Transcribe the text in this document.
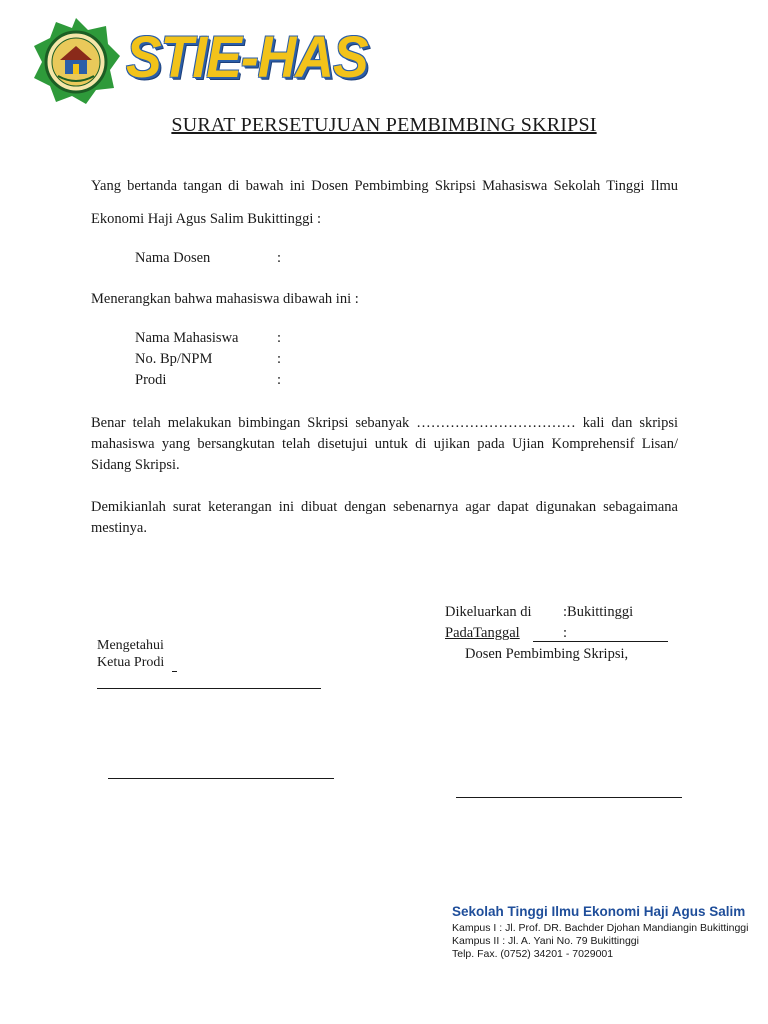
STIE-HAS
SURAT PERSETUJUAN PEMBIMBING SKRIPSI
Yang bertanda tangan di bawah ini Dosen Pembimbing Skripsi Mahasiswa Sekolah Tinggi Ilmu Ekonomi Haji Agus Salim Bukittinggi :
Nama Dosen	:
Menerangkan bahwa mahasiswa dibawah ini :
Nama Mahasiswa	:
No. Bp/NPM	:
Prodi	:
Benar telah melakukan bimbingan Skripsi sebanyak …………………………… kali dan skripsi mahasiswa yang bersangkutan telah disetujui untuk di ujikan pada Ujian Komprehensif Lisan/ Sidang Skripsi.
Demikianlah surat keterangan ini dibuat dengan sebenarnya agar dapat digunakan sebagaimana mestinya.
Dikeluarkan di :Bukittinggi
PadaTanggal	:
Dosen Pembimbing Skripsi,
Mengetahui
Ketua Prodi
Sekolah Tinggi Ilmu Ekonomi Haji Agus Salim
Kampus I : Jl. Prof. DR. Bachder Djohan Mandiangin Bukittinggi
Kampus II : Jl. A. Yani No. 79 Bukittinggi
Telp. Fax. (0752) 34201 - 7029001
